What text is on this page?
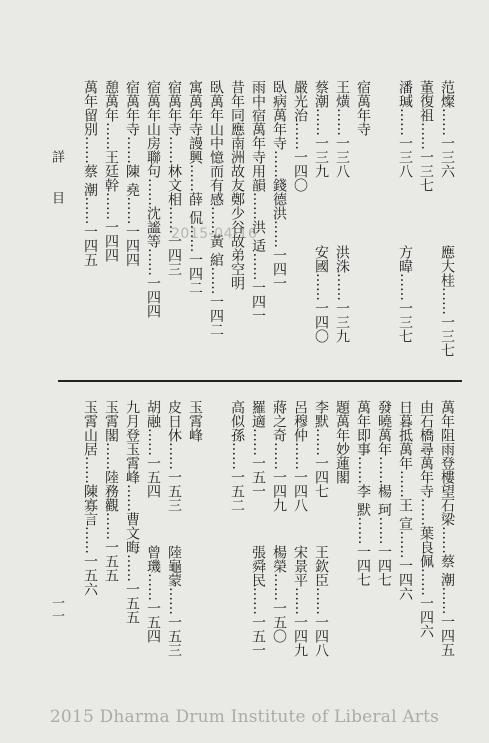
范燦……一三六
應大桂……一三七
董復祖……一三七
潘瑊……一三八
方暐……一三七
宿萬年寺
王熿……一三八
洪洙……一三九
蔡潮……一三九
安國……一四〇
嚴光治……一四〇
臥病萬年寺……錢德洪……一四一
雨中宿萬年寺用韻……洪 适……一四一
昔年同應南洲故友鄭少谷故弟空明
臥萬年山中憶而有感……黃 綰……一四二
寓萬年寺謾興……薛 侃……一四二
宿萬年寺……林文相……一四三
宿萬年山房聯句……沈謐等……一四四
宿萬年寺……陳 堯……一四四
憩萬年……王廷幹……一四四
萬年留別……蔡 潮……一四五
萬年阻雨登樓望石梁……蔡 潮……一四五
由石橋尋萬年寺……葉良佩……一四六
日暮抵萬年……王 宣……一四六
發曉萬年……楊 珂……一四七
萬年即事……李 默……一四七
題萬年妙蓮閣
李默……一四七
王欽臣……一四八
呂穆仲……一四八
宋景平……一四九
蔣之奇……一四九
楊榮……一五〇
羅適……一五一
張舜民……一五一
高似孫……一五二
玉霄峰
皮日休……一五三
陸龜蒙……一五三
胡融……一五四
曾璣……一五四
九月登玉霄峰……曹文晦……一五五
玉霄閣……陸務觀……一五五
玉霄山居……陳寡言……一五六
詳 目
一一
2015-04-16
2015 Dharma Drum Institute of Liberal Arts
